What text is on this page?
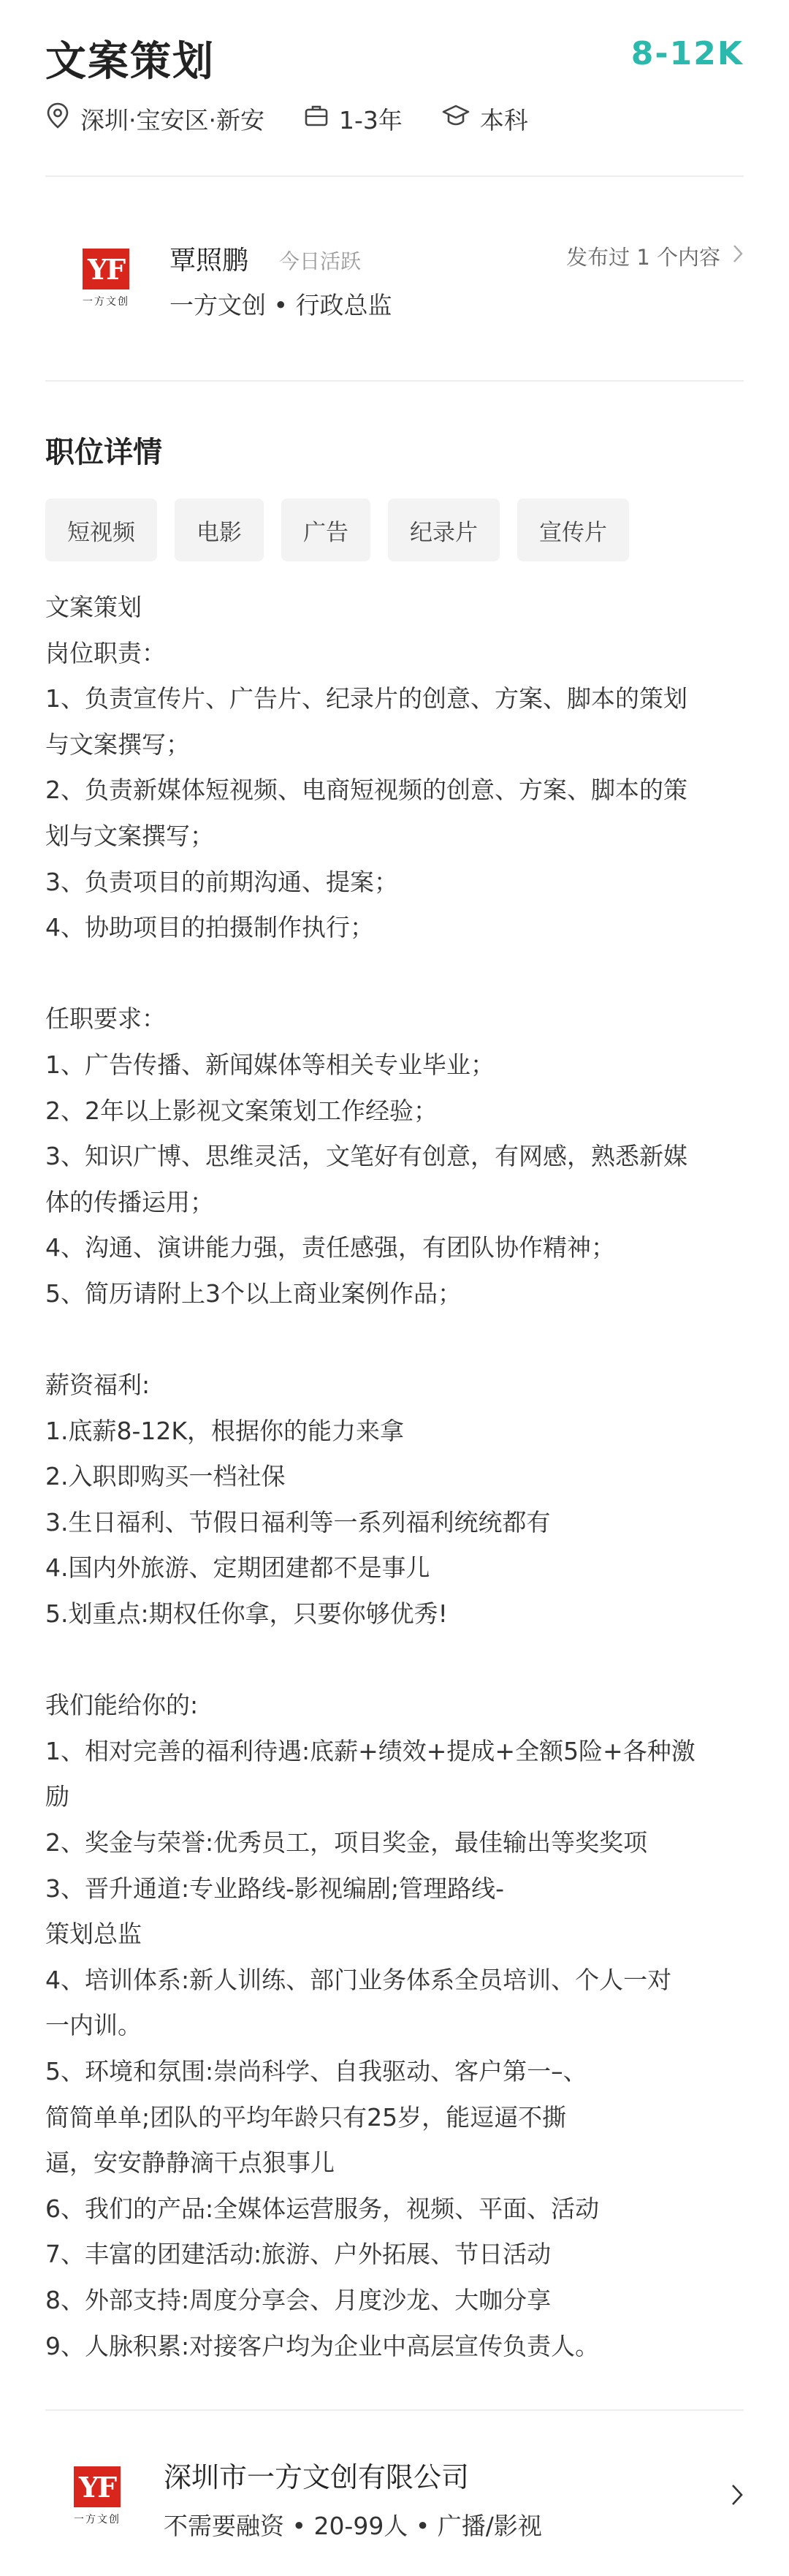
文案策划	8-12K
深圳·宝安区·新安	1-3年	本科
YF
一方文创
覃照鹏 今日活跃
一方文创 • 行政总监
发布过 1 个内容
职位详情
短视频	电影	广告	纪录片	宣传片
文案策划
岗位职责：
1、负责宣传片、广告片、纪录片的创意、方案、脚本的策划
与文案撰写；
2、负责新媒体短视频、电商短视频的创意、方案、脚本的策
划与文案撰写；
3、负责项目的前期沟通、提案；
4、协助项目的拍摄制作执行；
任职要求：
1、广告传播、新闻媒体等相关专业毕业；
2、2年以上影视文案策划工作经验；
3、知识广博、思维灵活，文笔好有创意，有网感，熟悉新媒
体的传播运用；
4、沟通、演讲能力强，责任感强，有团队协作精神；
5、简历请附上3个以上商业案例作品；
薪资福利:
1.底薪8-12K，根据你的能力来拿
2.入职即购买一档社保
3.生日福利、节假日福利等一系列福利统统都有
4.国内外旅游、定期团建都不是事儿
5.划重点:期权任你拿，只要你够优秀!
我们能给你的:
1、相对完善的福利待遇:底薪+绩效+提成+全额5险+各种激
励
2、奖金与荣誉:优秀员工，项目奖金，最佳输出等奖奖项
3、晋升通道:专业路线-影视编剧;管理路线-
策划总监
4、培训体系:新人训练、部门业务体系全员培训、个人一对
一内训。
5、环境和氛围:崇尚科学、自我驱动、客户第一–、
简简单单;团队的平均年龄只有25岁，能逗逼不撕
逼，安安静静滴干点狠事儿
6、我们的产品:全媒体运营服务，视频、平面、活动
7、丰富的团建活动:旅游、户外拓展、节日活动
8、外部支持:周度分享会、月度沙龙、大咖分享
9、人脉积累:对接客户均为企业中高层宣传负责人。
YF
一方文创
深圳市一方文创有限公司
不需要融资 • 20-99人 • 广播/影视
